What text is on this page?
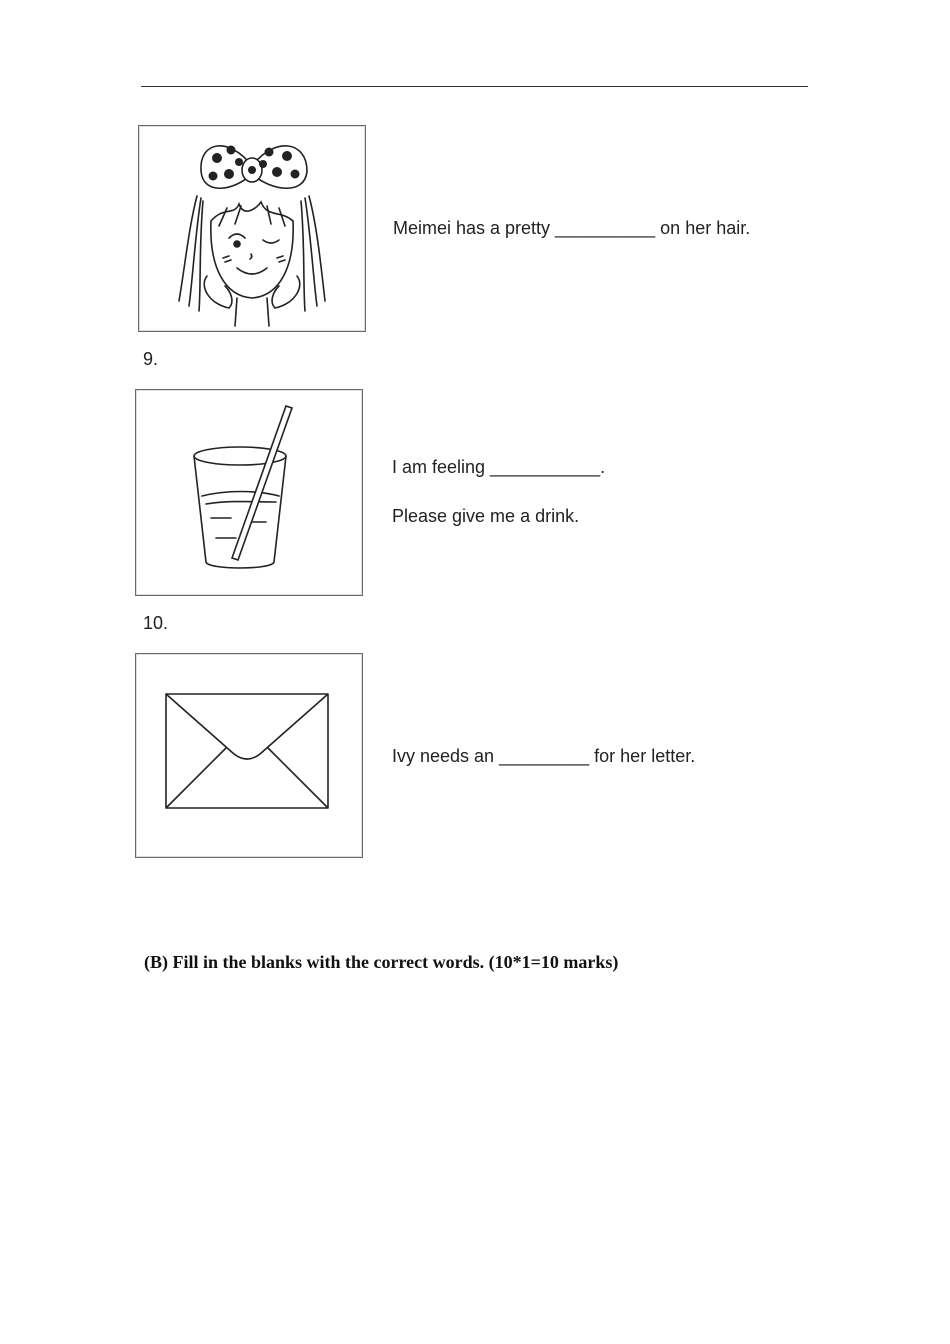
Meimei has a pretty __________ on her hair.
9.
I am feeling ___________.
Please give me a drink.
10.
Ivy needs an _________ for her letter.
(B) Fill in the blanks with the correct words. (10*1=10 marks)
